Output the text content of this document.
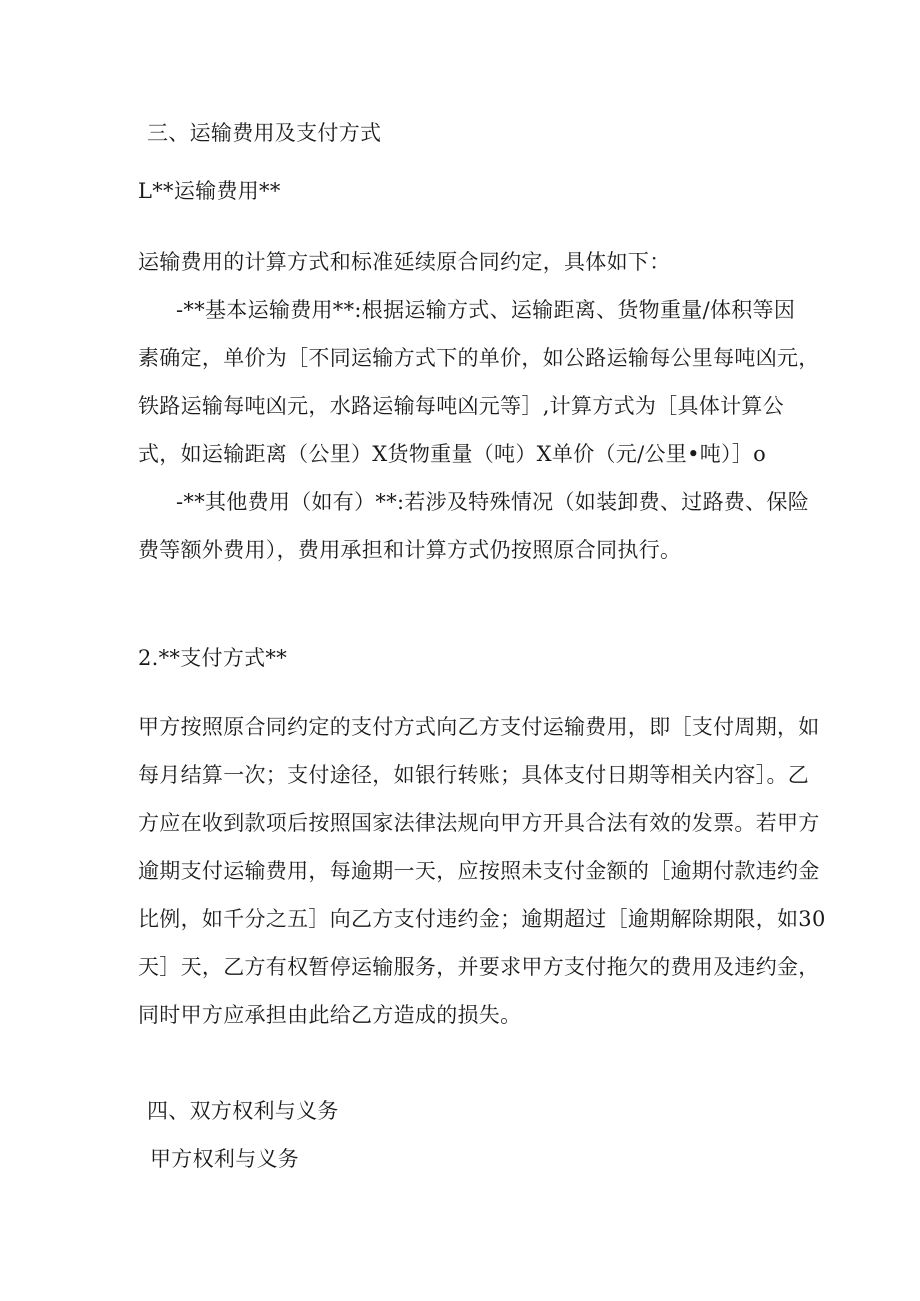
三、运输费用及支付方式
L**运输费用**
运输费用的计算方式和标准延续原合同约定，具体如下：
-**基本运输费用**:根据运输方式、运输距离、货物重量/体积等因
素确定，单价为［不同运输方式下的单价，如公路运输每公里每吨凶元，
铁路运输每吨凶元，水路运输每吨凶元等］,计算方式为［具体计算公
式，如运输距离（公里）X货物重量（吨）X单价（元/公里•吨）］o
-**其他费用（如有）**:若涉及特殊情况（如装卸费、过路费、保险
费等额外费用），费用承担和计算方式仍按照原合同执行。
2.**支付方式**
甲方按照原合同约定的支付方式向乙方支付运输费用，即［支付周期，如
每月结算一次；支付途径，如银行转账；具体支付日期等相关内容］。乙
方应在收到款项后按照国家法律法规向甲方开具合法有效的发票。若甲方
逾期支付运输费用，每逾期一天，应按照未支付金额的［逾期付款违约金
比例，如千分之五］向乙方支付违约金；逾期超过［逾期解除期限，如30
天］天，乙方有权暂停运输服务，并要求甲方支付拖欠的费用及违约金，
同时甲方应承担由此给乙方造成的损失。
四、双方权利与义务
甲方权利与义务
